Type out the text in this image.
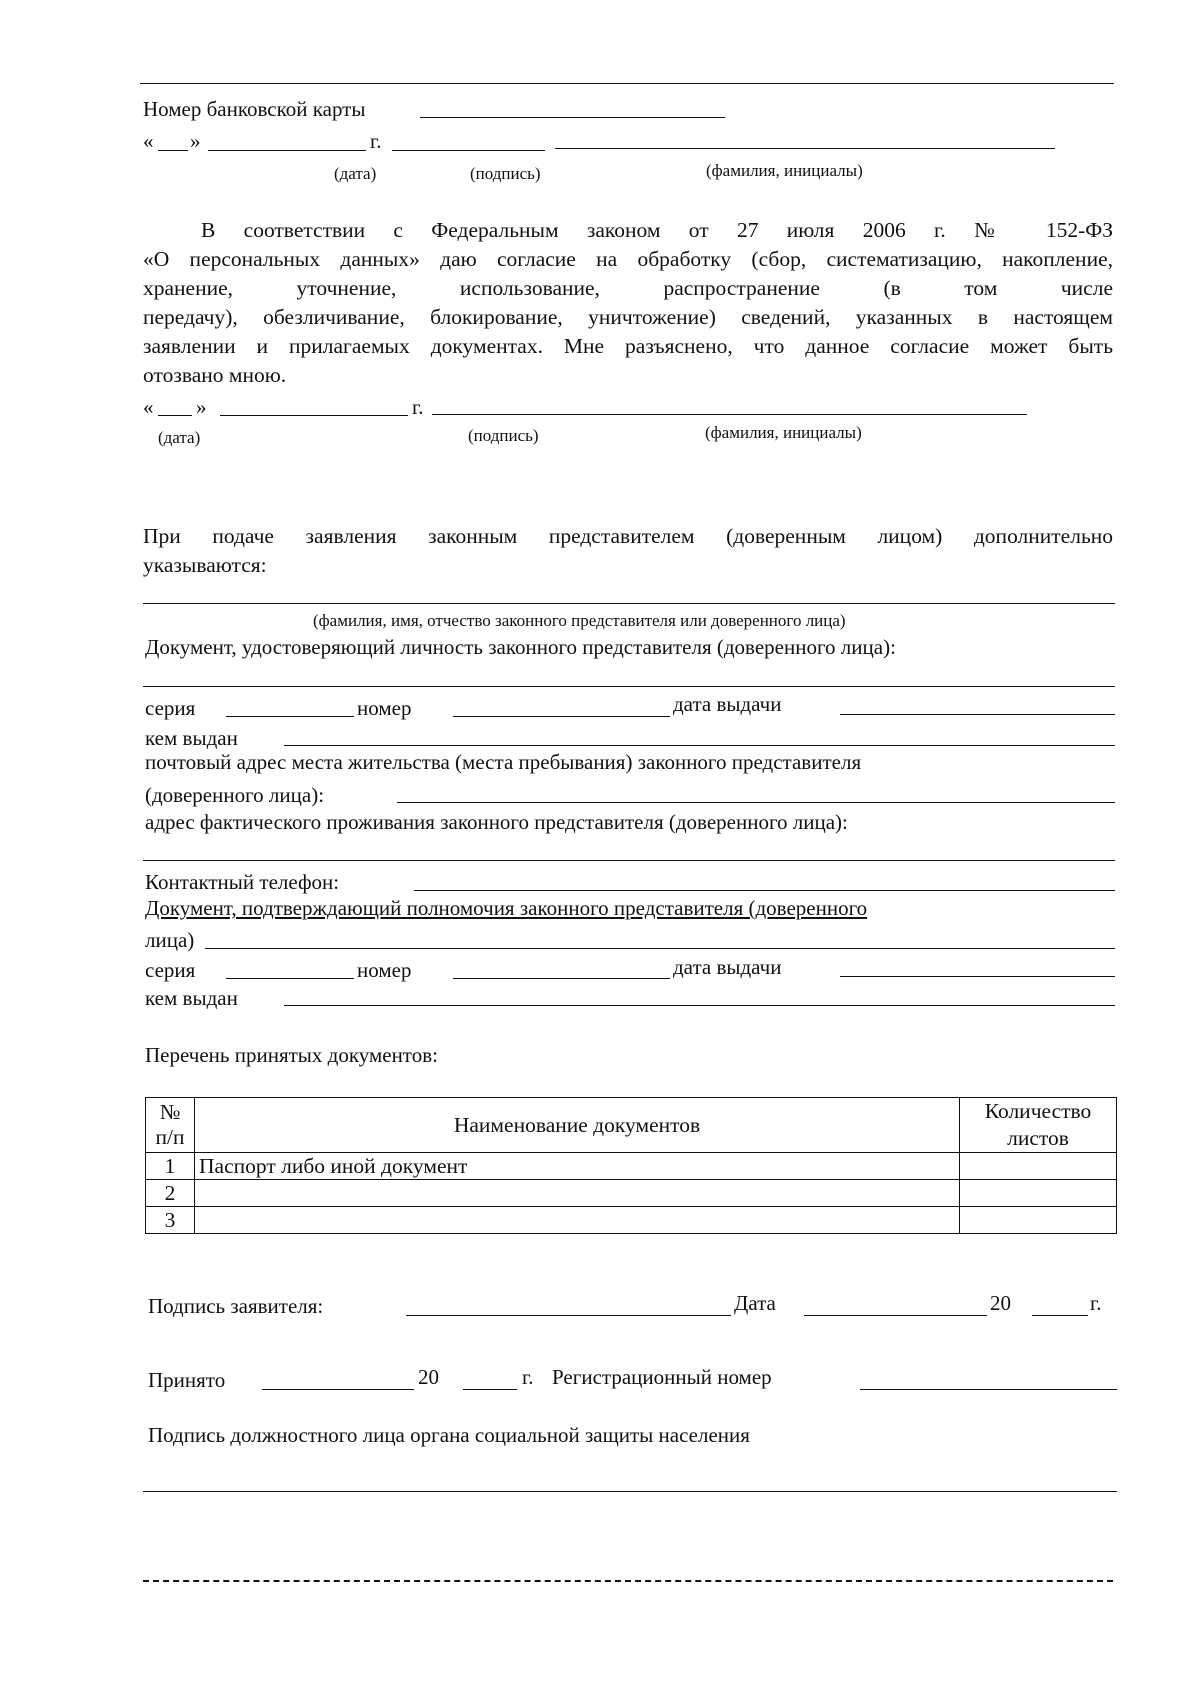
Номер банковской карты
« »	г.
(дата)	(подпись)	(фамилия, инициалы)

В соответствии с Федеральным законом от 27 июля 2006 г. № 152-ФЗ

«О персональных данных» даю согласие на обработку (сбор, систематизацию, накопление,

хранение, уточнение, использование, распространение (в том числе

передачу), обезличивание, блокирование, уничтожение) сведений, указанных в настоящем

заявлении и прилагаемых документах. Мне разъяснено, что данное согласие может быть

отозвано мною.

« »	г.
(дата)	(подпись)	(фамилия, инициалы)

При подаче заявления законным представителем (доверенным лицом) дополнительно

указываются:

(фамилия, имя, отчество законного представителя или доверенного лица)
Документ, удостоверяющий личность законного представителя (доверенного лица):
серия	номер	дата выдачи
кем выдан
почтовый адрес места жительства (места пребывания) законного представителя
(доверенного лица):
адрес фактического проживания законного представителя (доверенного лица):
Контактный телефон:
Документ, подтверждающий полномочия законного представителя (доверенного
лица)
серия	номер	дата выдачи
кем выдан
Перечень принятых документов:
№ п/п	Наименование документов	Количество листов
1	Паспорт либо иной документ	
2		
3		
Подпись заявителя:	Дата	20	г.
Принято	20	г. Регистрационный номер
Подпись должностного лица органа социальной защиты населения
